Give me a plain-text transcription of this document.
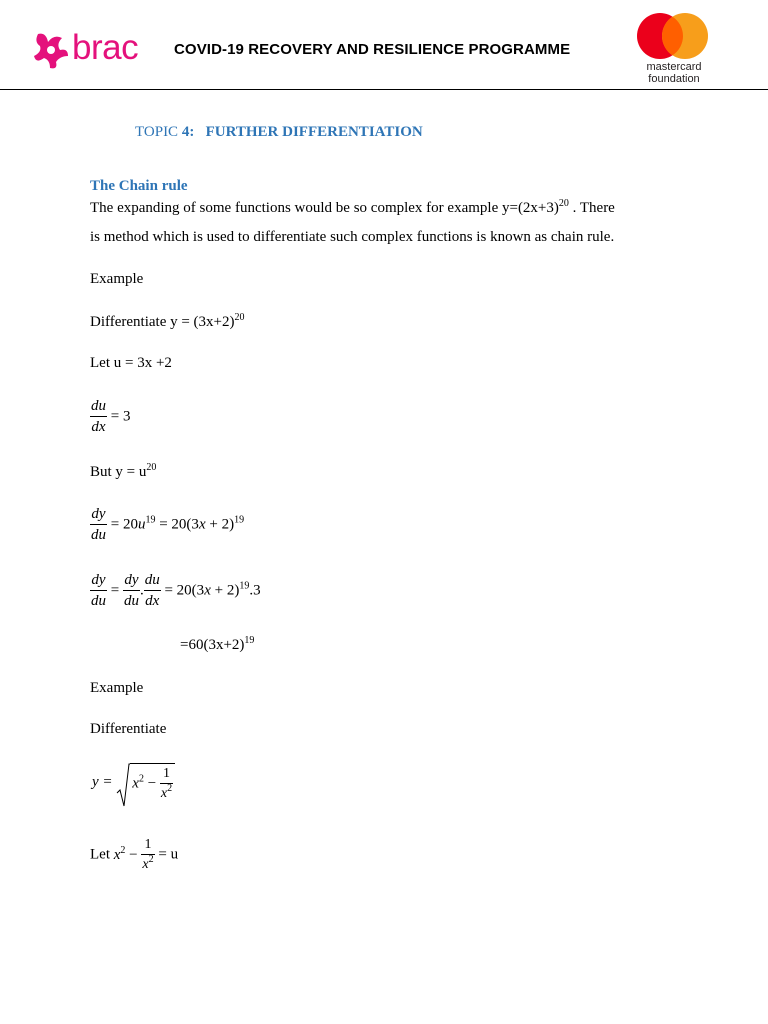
brac COVID-19 RECOVERY AND RESILIENCE PROGRAMME
mastercard
foundation
TOPIC 4: FURTHER DIFFERENTIATION
The Chain rule
The expanding of some functions would be so complex for example $y=(2x+3)^{20}$ . There
is method which is used to differentiate such complex functions is known as chain rule.
Example
Differentiate $y = (3x+2)^{20}$
Let u = 3x +2
$\frac{du}{dx} = 3$
But $y = u^{20}$
$\frac{dy}{du} = 20u^{19} = 20(3x + 2)^{19}$
$\frac{dy}{du} = \frac{dy}{du}$ . $\frac{du}{dx} = 20(3x + 2)^{19}.3$
$=60(3x+2)^{19}$
Example
Differentiate
$y = x^2 - \frac{1}{x^2}$
Let $x^2 - \frac{1}{x^2} = u$
